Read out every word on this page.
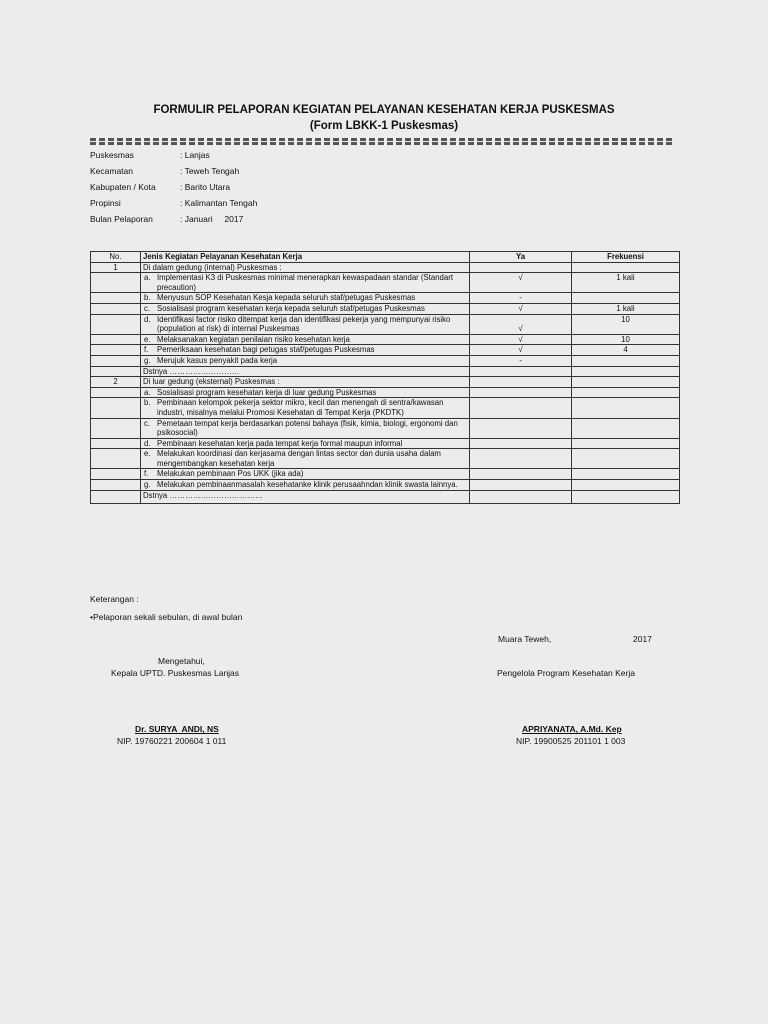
FORMULIR PELAPORAN KEGIATAN PELAYANAN KESEHATAN KERJA PUSKESMAS
(Form LBKK-1 Puskesmas)
Puskesmas	: Lanjas
Kecamatan	: Teweh Tengah
Kabupaten / Kota	: Barito Utara
Propinsi	: Kalimantan Tengah
Bulan Pelaporan	: Januari     2017
No.	Jenis Kegiatan Pelayanan Kesehatan Kerja	Ya	Frekuensi
1	Di dalam gedung (internal) Puskesmas :		

	a. Implementasi K3 di Puskesmas minimal menerapkan kewaspadaan standar (Standart precaution)	√	1 kali

	b. Menyusun SOP Kesehatan Kesja kepada seluruh staf/petugas Puskesmas	-	

	c. Sosialisasi program kesehatan kerja kepada seluruh staf/petugas Puskesmas	√	1 kali

	d. Identifikasi factor risiko ditempat kerja dan identifikasi pekerja yang mempunyai risiko (population at risk) di internal Puskesmas	√	10

	e. Melaksanakan kegiatan penilaian risiko kesehatan kerja	√	10

	f. Pemeriksaan kesehatan bagi petugas staf/petugas Puskesmas	√	4

	g. Merujuk kasus penyakit pada kerja	-	
	Dstnya ………………………		
2	Di luar gedung (eksternal) Puskesmas :		

	a. Sosialisasi program kesehatan kerja di luar gedung Puskesmas		

	b. Pembinaan kelompok pekerja sektor mikro, kecil dan menengah di sentra/kawasan industri, misalnya melalui Promosi Kesehatan di Tempat Kerja (PKDTK)		

	c. Pemetaan tempat kerja berdasarkan potensi bahaya (fisik, kimia, biologi, ergonomi dan psikosocial)		

	d. Pembinaan kesehatan kerja pada tempat kerja formal maupun informal		

	e. Melakukan koordinasi dan kerjasama dengan lintas sector dan dunia usaha dalam mengembangkan kesehatan kerja		

	f. Melakukan pembinaan Pos UKK (jika ada)		

	g. Melakukan pembinaanmasalah kesehatanke klinik perusaahndan klinik swasta lainnya.		

	Dstnya ………………………………		
Keterangan :
•Pelaporan sekali sebulan, di awal bulan
Muara Teweh,	2017
Mengetahui,
Kepala UPTD. Puskesmas Lanjas	Pengelola Program Kesehatan Kerja
Dr. SURYA  ANDI, NS
NIP. 19760221 200604 1 011
APRIYANATA, A.Md. Kep
NIP. 19900525 201101 1 003
